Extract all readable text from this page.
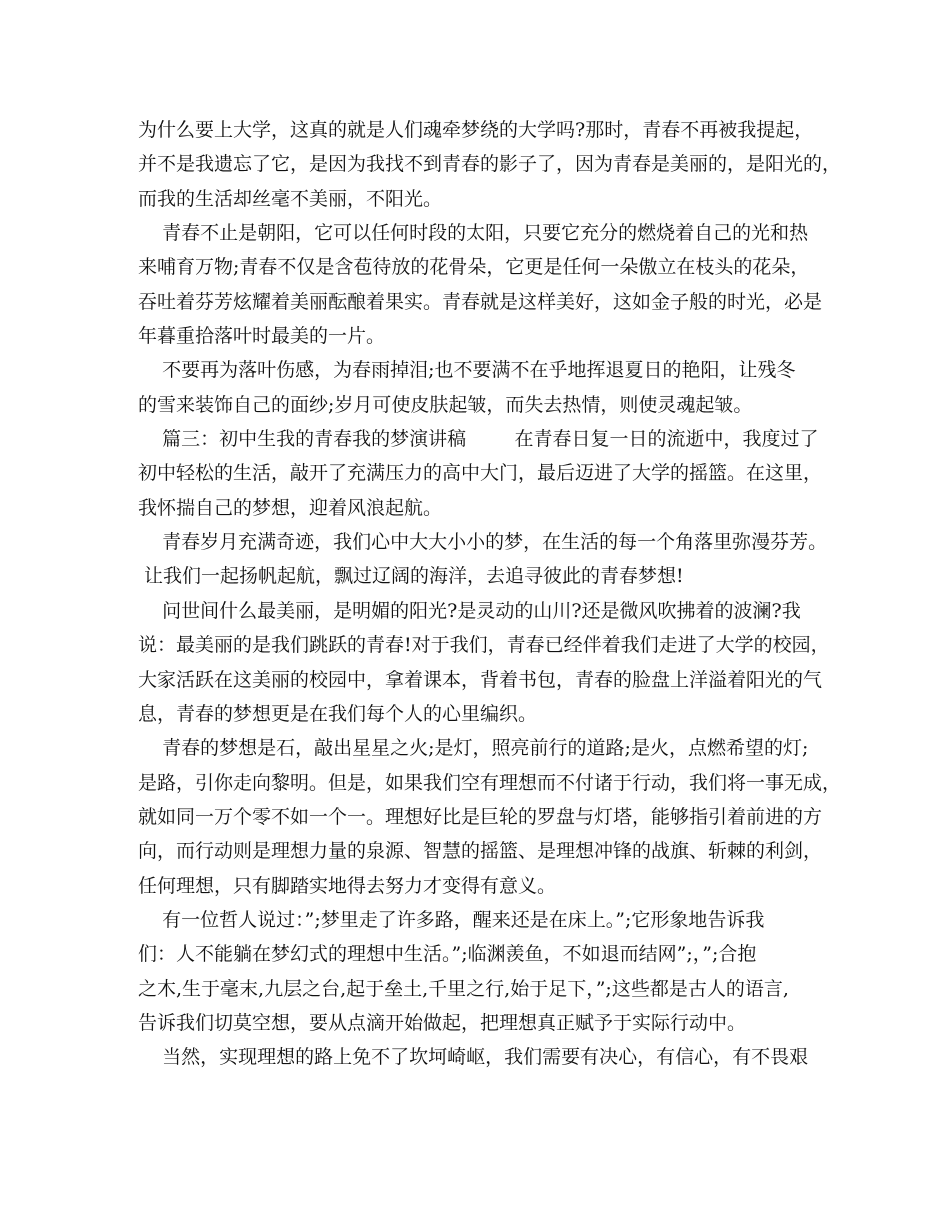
为什么要上大学，这真的就是人们魂牵梦绕的大学吗?那时，青春不再被我提起，
并不是我遗忘了它，是因为我找不到青春的影子了，因为青春是美丽的，是阳光的，
而我的生活却丝毫不美丽，不阳光。
青春不止是朝阳，它可以任何时段的太阳，只要它充分的燃烧着自己的光和热
来哺育万物;青春不仅是含苞待放的花骨朵，它更是任何一朵傲立在枝头的花朵，
吞吐着芬芳炫耀着美丽酝酿着果实。青春就是这样美好，这如金子般的时光，必是
年暮重拾落叶时最美的一片。
不要再为落叶伤感，为春雨掉泪;也不要满不在乎地挥退夏日的艳阳，让残冬
的雪来装饰自己的面纱;岁月可使皮肤起皱，而失去热情，则使灵魂起皱。
篇三：初中生我的青春我的梦演讲稿        在青春日复一日的流逝中，我度过了
初中轻松的生活，敲开了充满压力的高中大门，最后迈进了大学的摇篮。在这里，
我怀揣自己的梦想，迎着风浪起航。
青春岁月充满奇迹，我们心中大大小小的梦，在生活的每一个角落里弥漫芬芳。
让我们一起扬帆起航，飘过辽阔的海洋，去追寻彼此的青春梦想!
问世间什么最美丽，是明媚的阳光?是灵动的山川?还是微风吹拂着的波澜?我
说：最美丽的是我们跳跃的青春!对于我们，青春已经伴着我们走进了大学的校园，
大家活跃在这美丽的校园中，拿着课本，背着书包，青春的脸盘上洋溢着阳光的气
息，青春的梦想更是在我们每个人的心里编织。
青春的梦想是石，敲出星星之火;是灯，照亮前行的道路;是火，点燃希望的灯;
是路，引你走向黎明。但是，如果我们空有理想而不付诸于行动，我们将一事无成，
就如同一万个零不如一个一。理想好比是巨轮的罗盘与灯塔，能够指引着前进的方
向，而行动则是理想力量的泉源、智慧的摇篮、是理想冲锋的战旗、斩棘的利剑，
任何理想，只有脚踏实地得去努力才变得有意义。
有一位哲人说过：”;梦里走了许多路，醒来还是在床上。”;它形象地告诉我
们：人不能躺在梦幻式的理想中生活。”;临渊羡鱼，不如退而结网”;，”;合抱
之木,生于毫末,九层之台,起于垒土,千里之行,始于足下，”;这些都是古人的语言,
告诉我们切莫空想，要从点滴开始做起，把理想真正赋予于实际行动中。
当然，实现理想的路上免不了坎坷崎岖，我们需要有决心，有信心，有不畏艰
